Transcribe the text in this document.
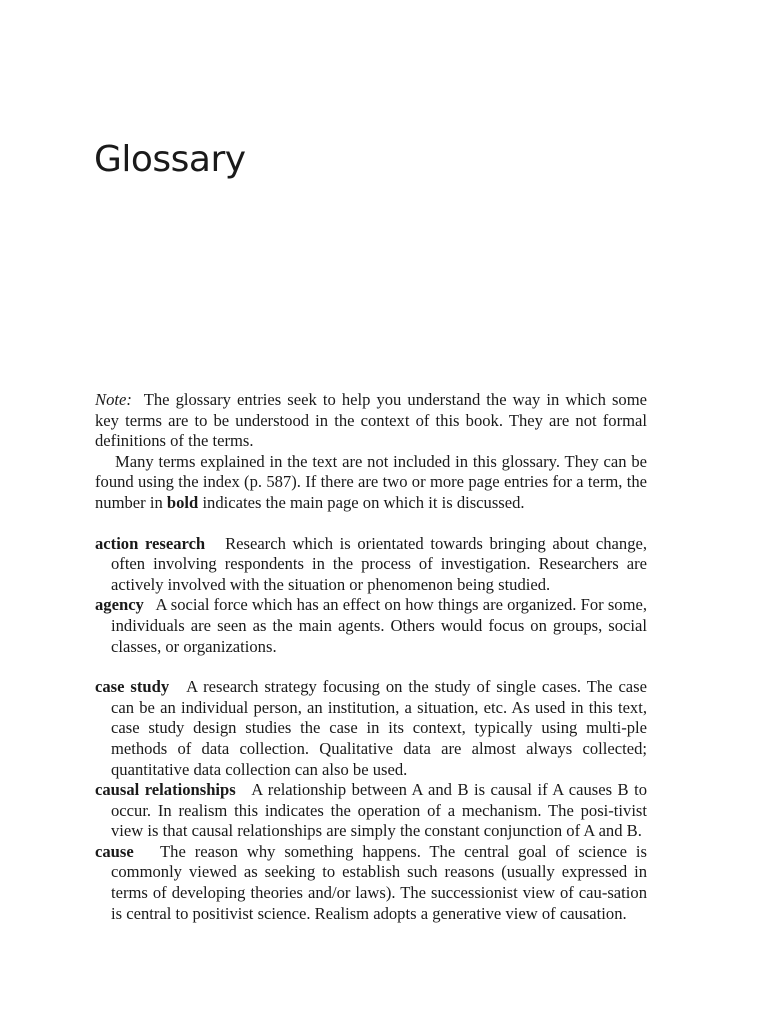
Glossary

Note: The glossary entries seek to help you understand the way in which some key terms are to be understood in the context of this book. They are not formal definitions of the terms.

Many terms explained in the text are not included in this glossary. They can be found using the index (p. 587). If there are two or more page entries for a term, the number in bold indicates the main page on which it is discussed.

action research Research which is orientated towards bringing about change, often involving respondents in the process of investigation. Researchers are actively involved with the situation or phenomenon being studied.

agency A social force which has an effect on how things are organized. For some, individuals are seen as the main agents. Others would focus on groups, social classes, or organizations.

case study A research strategy focusing on the study of single cases. The case can be an individual person, an institution, a situation, etc. As used in this text, case study design studies the case in its context, typically using multi-ple methods of data collection. Qualitative data are almost always collected; quantitative data collection can also be used.

causal relationships A relationship between A and B is causal if A causes B to occur. In realism this indicates the operation of a mechanism. The posi-tivist view is that causal relationships are simply the constant conjunction of A and B.

cause The reason why something happens. The central goal of science is commonly viewed as seeking to establish such reasons (usually expressed in terms of developing theories and/or laws). The successionist view of cau-sation is central to positivist science. Realism adopts a generative view of causation.
